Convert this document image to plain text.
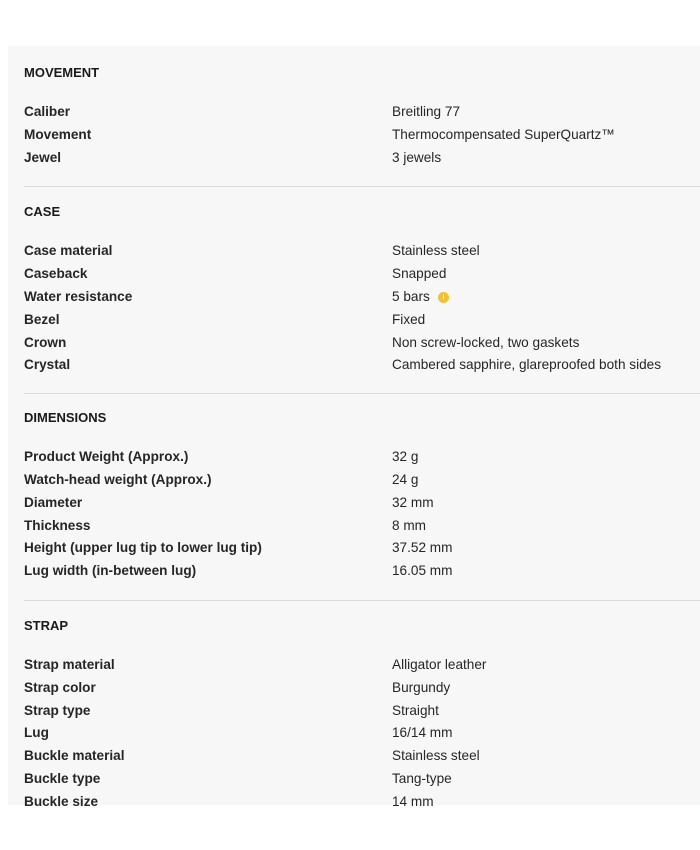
MOVEMENT
Caliber	Breitling 77
Movement	Thermocompensated SuperQuartz™
Jewel	3 jewels
CASE
Case material	Stainless steel
Caseback	Snapped
Water resistance	5 bars
Bezel	Fixed
Crown	Non screw-locked, two gaskets
Crystal	Cambered sapphire, glareproofed both sides
DIMENSIONS
Product Weight (Approx.)	32 g
Watch-head weight (Approx.)	24 g
Diameter	32 mm
Thickness	8 mm
Height (upper lug tip to lower lug tip)	37.52 mm
Lug width (in-between lug)	16.05 mm
STRAP
Strap material	Alligator leather
Strap color	Burgundy
Strap type	Straight
Lug	16/14 mm
Buckle material	Stainless steel
Buckle type	Tang-type
Buckle size	14 mm
